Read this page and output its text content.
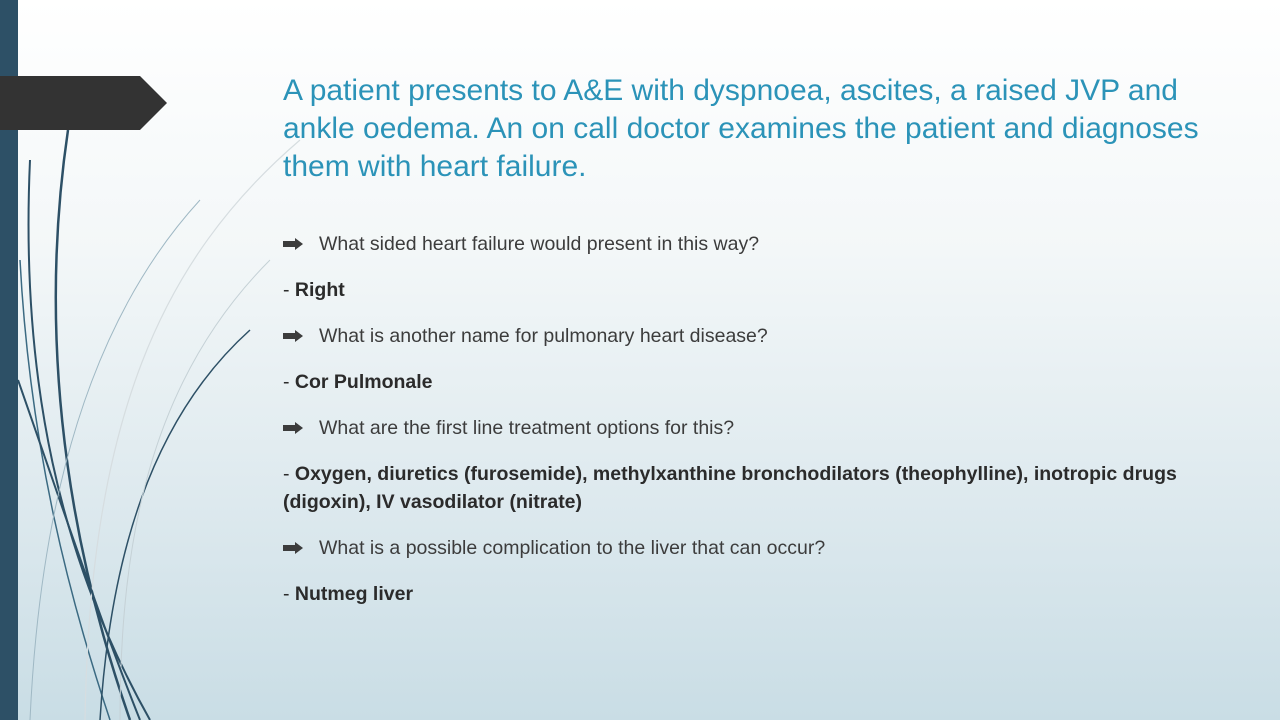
A patient presents to A&E with dyspnoea, ascites, a raised JVP and ankle oedema. An on call doctor examines the patient and diagnoses them with heart failure.
What sided heart failure would present in this way?
- Right
What is another name for pulmonary heart disease?
- Cor Pulmonale
What are the first line treatment options for this?
- Oxygen, diuretics (furosemide), methylxanthine bronchodilators (theophylline), inotropic drugs (digoxin), IV vasodilator (nitrate)
What is a possible complication to the liver that can occur?
- Nutmeg liver
